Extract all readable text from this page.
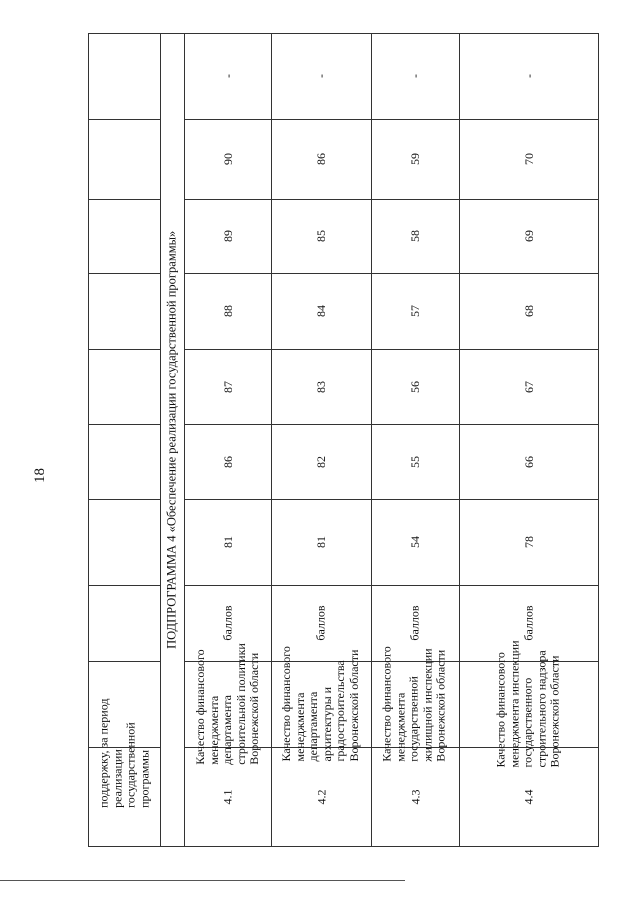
18
поддержку, за период реализации государственной программы
ПОДПРОГРАММА 4 «Обеспечение реализации государственной программы»
4.1
Качество финансового менеджмента департамента строительной политики Воронежской области
баллов
81
86
87
88
89
90
-
4.2
Качество финансового менеджмента департамента архитектуры и градостроительства Воронежской области
баллов
81
82
83
84
85
86
-
4.3
Качество финансового менеджмента государственной жилищной инспекции Воронежской области
баллов
54
55
56
57
58
59
-
4.4
Качество финансового менеджмента инспекции государственного строительного надзора Воронежской области
баллов
78
66
67
68
69
70
-
